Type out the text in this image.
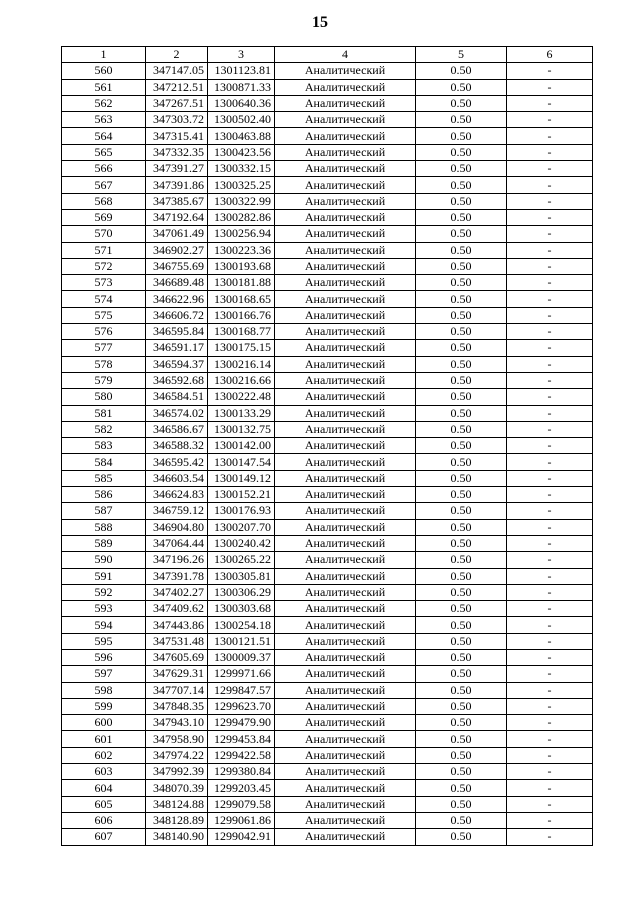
15
1	2	3	4	5	6
560	347147.05	1301123.81	Аналитический	0.50	-
561	347212.51	1300871.33	Аналитический	0.50	-
562	347267.51	1300640.36	Аналитический	0.50	-
563	347303.72	1300502.40	Аналитический	0.50	-
564	347315.41	1300463.88	Аналитический	0.50	-
565	347332.35	1300423.56	Аналитический	0.50	-
566	347391.27	1300332.15	Аналитический	0.50	-
567	347391.86	1300325.25	Аналитический	0.50	-
568	347385.67	1300322.99	Аналитический	0.50	-
569	347192.64	1300282.86	Аналитический	0.50	-
570	347061.49	1300256.94	Аналитический	0.50	-
571	346902.27	1300223.36	Аналитический	0.50	-
572	346755.69	1300193.68	Аналитический	0.50	-
573	346689.48	1300181.88	Аналитический	0.50	-
574	346622.96	1300168.65	Аналитический	0.50	-
575	346606.72	1300166.76	Аналитический	0.50	-
576	346595.84	1300168.77	Аналитический	0.50	-
577	346591.17	1300175.15	Аналитический	0.50	-
578	346594.37	1300216.14	Аналитический	0.50	-
579	346592.68	1300216.66	Аналитический	0.50	-
580	346584.51	1300222.48	Аналитический	0.50	-
581	346574.02	1300133.29	Аналитический	0.50	-
582	346586.67	1300132.75	Аналитический	0.50	-
583	346588.32	1300142.00	Аналитический	0.50	-
584	346595.42	1300147.54	Аналитический	0.50	-
585	346603.54	1300149.12	Аналитический	0.50	-
586	346624.83	1300152.21	Аналитический	0.50	-
587	346759.12	1300176.93	Аналитический	0.50	-
588	346904.80	1300207.70	Аналитический	0.50	-
589	347064.44	1300240.42	Аналитический	0.50	-
590	347196.26	1300265.22	Аналитический	0.50	-
591	347391.78	1300305.81	Аналитический	0.50	-
592	347402.27	1300306.29	Аналитический	0.50	-
593	347409.62	1300303.68	Аналитический	0.50	-
594	347443.86	1300254.18	Аналитический	0.50	-
595	347531.48	1300121.51	Аналитический	0.50	-
596	347605.69	1300009.37	Аналитический	0.50	-
597	347629.31	1299971.66	Аналитический	0.50	-
598	347707.14	1299847.57	Аналитический	0.50	-
599	347848.35	1299623.70	Аналитический	0.50	-
600	347943.10	1299479.90	Аналитический	0.50	-
601	347958.90	1299453.84	Аналитический	0.50	-
602	347974.22	1299422.58	Аналитический	0.50	-
603	347992.39	1299380.84	Аналитический	0.50	-
604	348070.39	1299203.45	Аналитический	0.50	-
605	348124.88	1299079.58	Аналитический	0.50	-
606	348128.89	1299061.86	Аналитический	0.50	-
607	348140.90	1299042.91	Аналитический	0.50	-
